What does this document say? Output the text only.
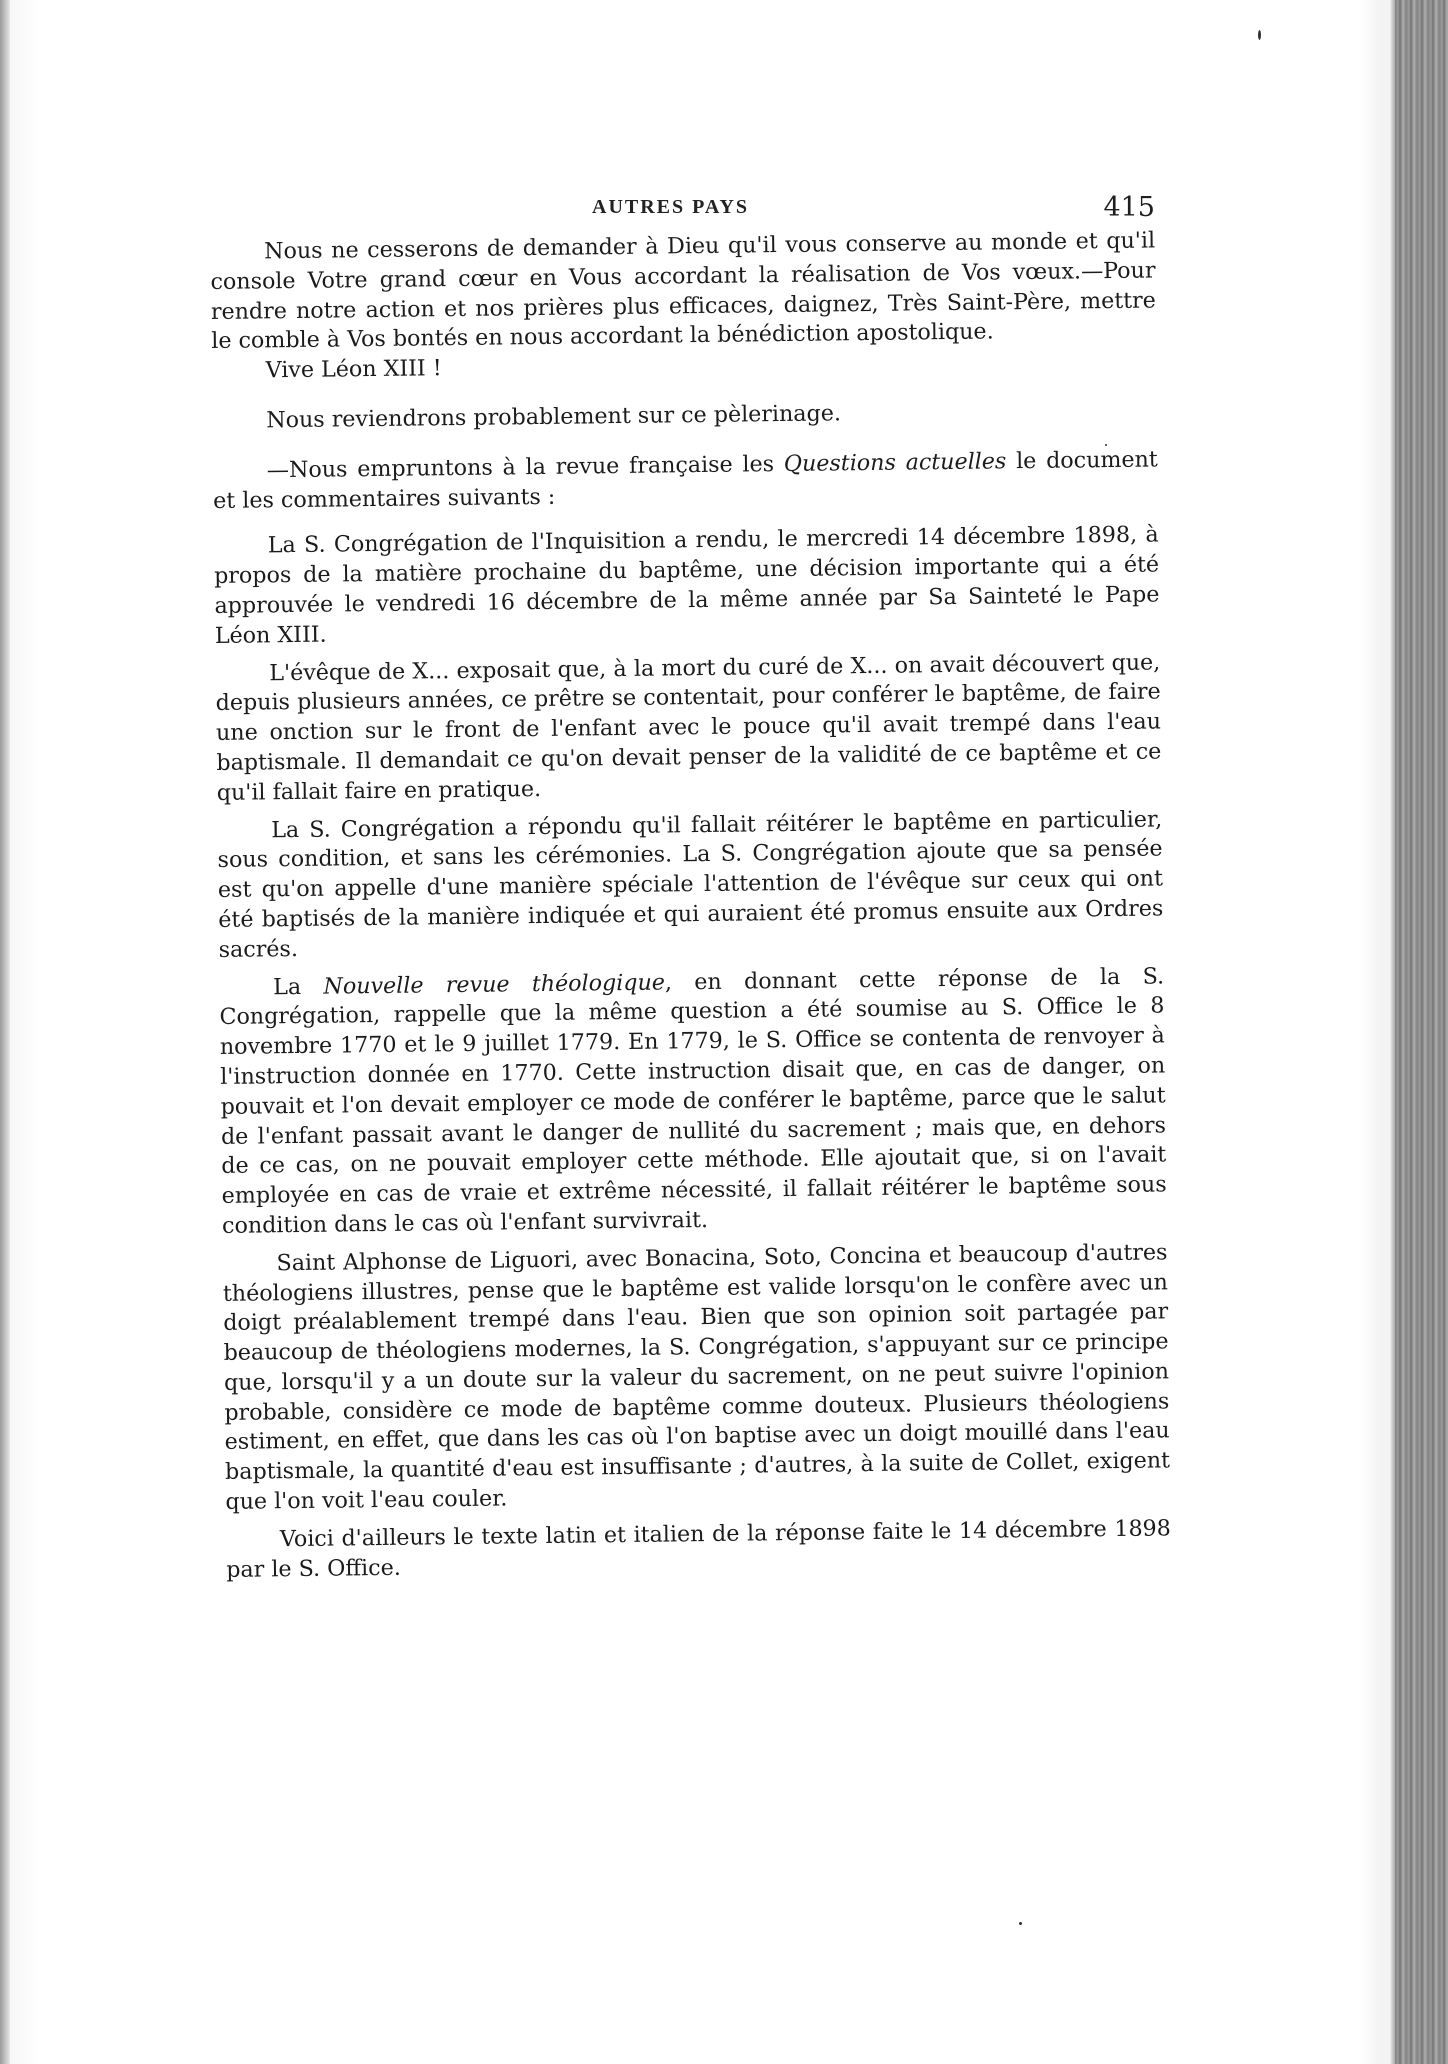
AUTRES PAYS	415

Nous ne cesserons de demander à Dieu qu'il vous conserve au monde et qu'il console Votre grand cœur en Vous accordant la réalisation de Vos vœux.—Pour rendre notre action et nos prières plus efficaces, daignez, Très Saint-Père, mettre le comble à Vos bontés en nous accordant la bénédiction apostolique.

Vive Léon XIII !

Nous reviendrons probablement sur ce pèlerinage.

—Nous empruntons à la revue française les Questions actuelles le document et les commentaires suivants :

La S. Congrégation de l'Inquisition a rendu, le mercredi 14 décembre 1898, à propos de la matière prochaine du baptême, une décision importante qui a été approuvée le vendredi 16 décembre de la même année par Sa Sainteté le Pape Léon XIII.

L'évêque de X... exposait que, à la mort du curé de X... on avait découvert que, depuis plusieurs années, ce prêtre se contentait, pour conférer le baptême, de faire une onction sur le front de l'enfant avec le pouce qu'il avait trempé dans l'eau baptismale. Il demandait ce qu'on devait penser de la validité de ce baptême et ce qu'il fallait faire en pratique.

La S. Congrégation a répondu qu'il fallait réitérer le baptême en particulier, sous condition, et sans les cérémonies. La S. Congrégation ajoute que sa pensée est qu'on appelle d'une manière spéciale l'attention de l'évêque sur ceux qui ont été baptisés de la manière indiquée et qui auraient été promus ensuite aux Ordres sacrés.

La Nouvelle revue théologique, en donnant cette réponse de la S. Congrégation, rappelle que la même question a été soumise au S. Office le 8 novembre 1770 et le 9 juillet 1779. En 1779, le S. Office se contenta de renvoyer à l'instruction donnée en 1770. Cette instruction disait que, en cas de danger, on pouvait et l'on devait employer ce mode de conférer le baptême, parce que le salut de l'enfant passait avant le danger de nullité du sacrement ; mais que, en dehors de ce cas, on ne pouvait employer cette méthode. Elle ajoutait que, si on l'avait employée en cas de vraie et extrême nécessité, il fallait réitérer le baptême sous condition dans le cas où l'enfant survivrait.

Saint Alphonse de Liguori, avec Bonacina, Soto, Concina et beaucoup d'autres théologiens illustres, pense que le baptême est valide lorsqu'on le confère avec un doigt préalablement trempé dans l'eau. Bien que son opinion soit partagée par beaucoup de théologiens modernes, la S. Congrégation, s'appuyant sur ce principe que, lorsqu'il y a un doute sur la valeur du sacrement, on ne peut suivre l'opinion probable, considère ce mode de baptême comme douteux. Plusieurs théologiens estiment, en effet, que dans les cas où l'on baptise avec un doigt mouillé dans l'eau baptismale, la quantité d'eau est insuffisante ; d'autres, à la suite de Collet, exigent que l'on voit l'eau couler.

Voici d'ailleurs le texte latin et italien de la réponse faite le 14 décembre 1898 par le S. Office.
